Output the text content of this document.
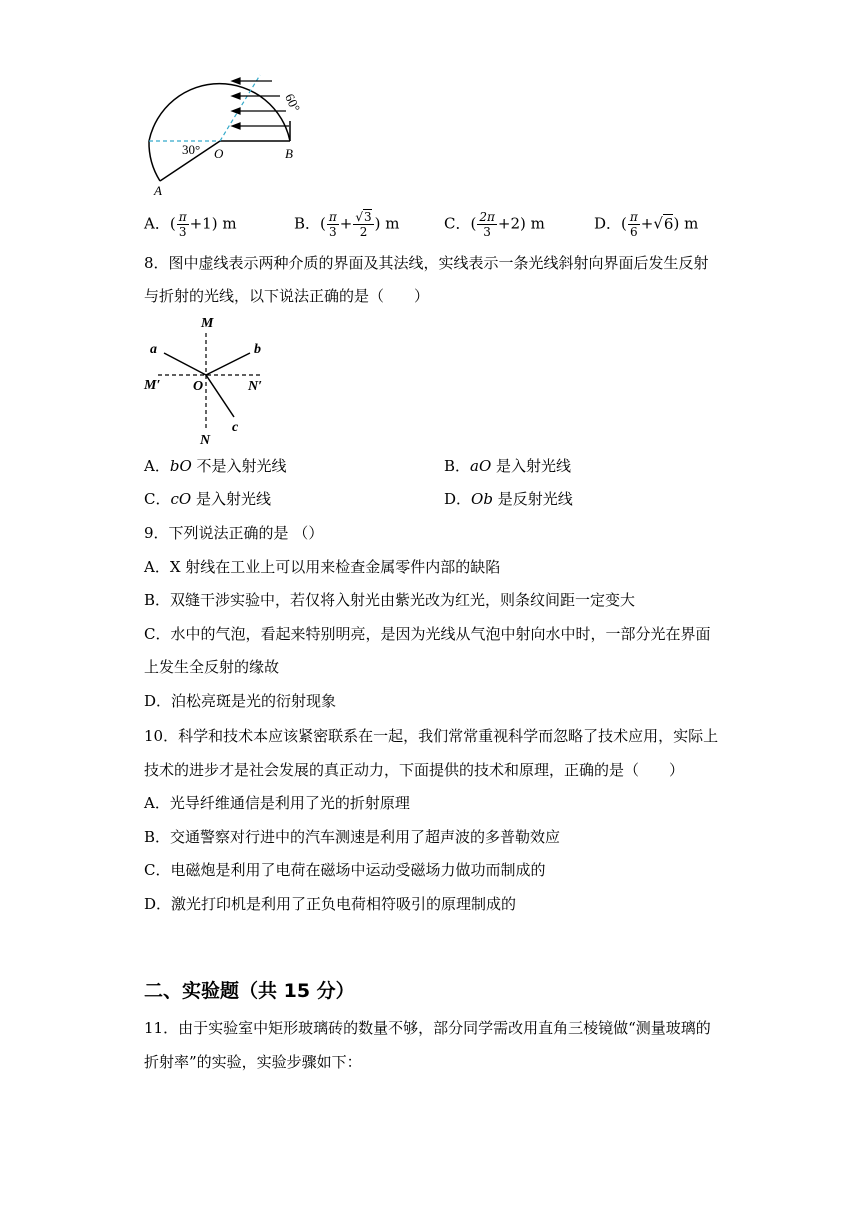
30°
60°
O	B
A
A．( $\frac{\pi}{3} +1$) m	B．( $\frac{\pi}{3} + \frac{√3}{2}$ ) m	C．( $\frac{2\pi}{3} +2$) m	D．( $\frac{\pi}{6} +√6$) m
8．图中虚线表示两种介质的界面及其法线，实线表示一条光线斜射向界面后发生反射
与折射的光线，以下说法正确的是（　　）
M
a	b
M′ O	N′
c
N
A．bO 不是入射光线	B．aO 是入射光线
C．cO 是入射光线	D．Ob 是反射光线
9．下列说法正确的是 （）
A．X 射线在工业上可以用来检查金属零件内部的缺陷
B．双缝干涉实验中，若仅将入射光由紫光改为红光，则条纹间距一定变大
C．水中的气泡，看起来特别明亮，是因为光线从气泡中射向水中时，一部分光在界面
上发生全反射的缘故
D．泊松亮斑是光的衍射现象
10．科学和技术本应该紧密联系在一起，我们常常重视科学而忽略了技术应用，实际上
技术的进步才是社会发展的真正动力，下面提供的技术和原理，正确的是（　　）
A．光导纤维通信是利用了光的折射原理
B．交通警察对行进中的汽车测速是利用了超声波的多普勒效应
C．电磁炮是利用了电荷在磁场中运动受磁场力做功而制成的
D．激光打印机是利用了正负电荷相符吸引的原理制成的
二、实验题（共 15 分）
11．由于实验室中矩形玻璃砖的数量不够，部分同学需改用直角三棱镜做“测量玻璃的
折射率”的实验，实验步骤如下：
